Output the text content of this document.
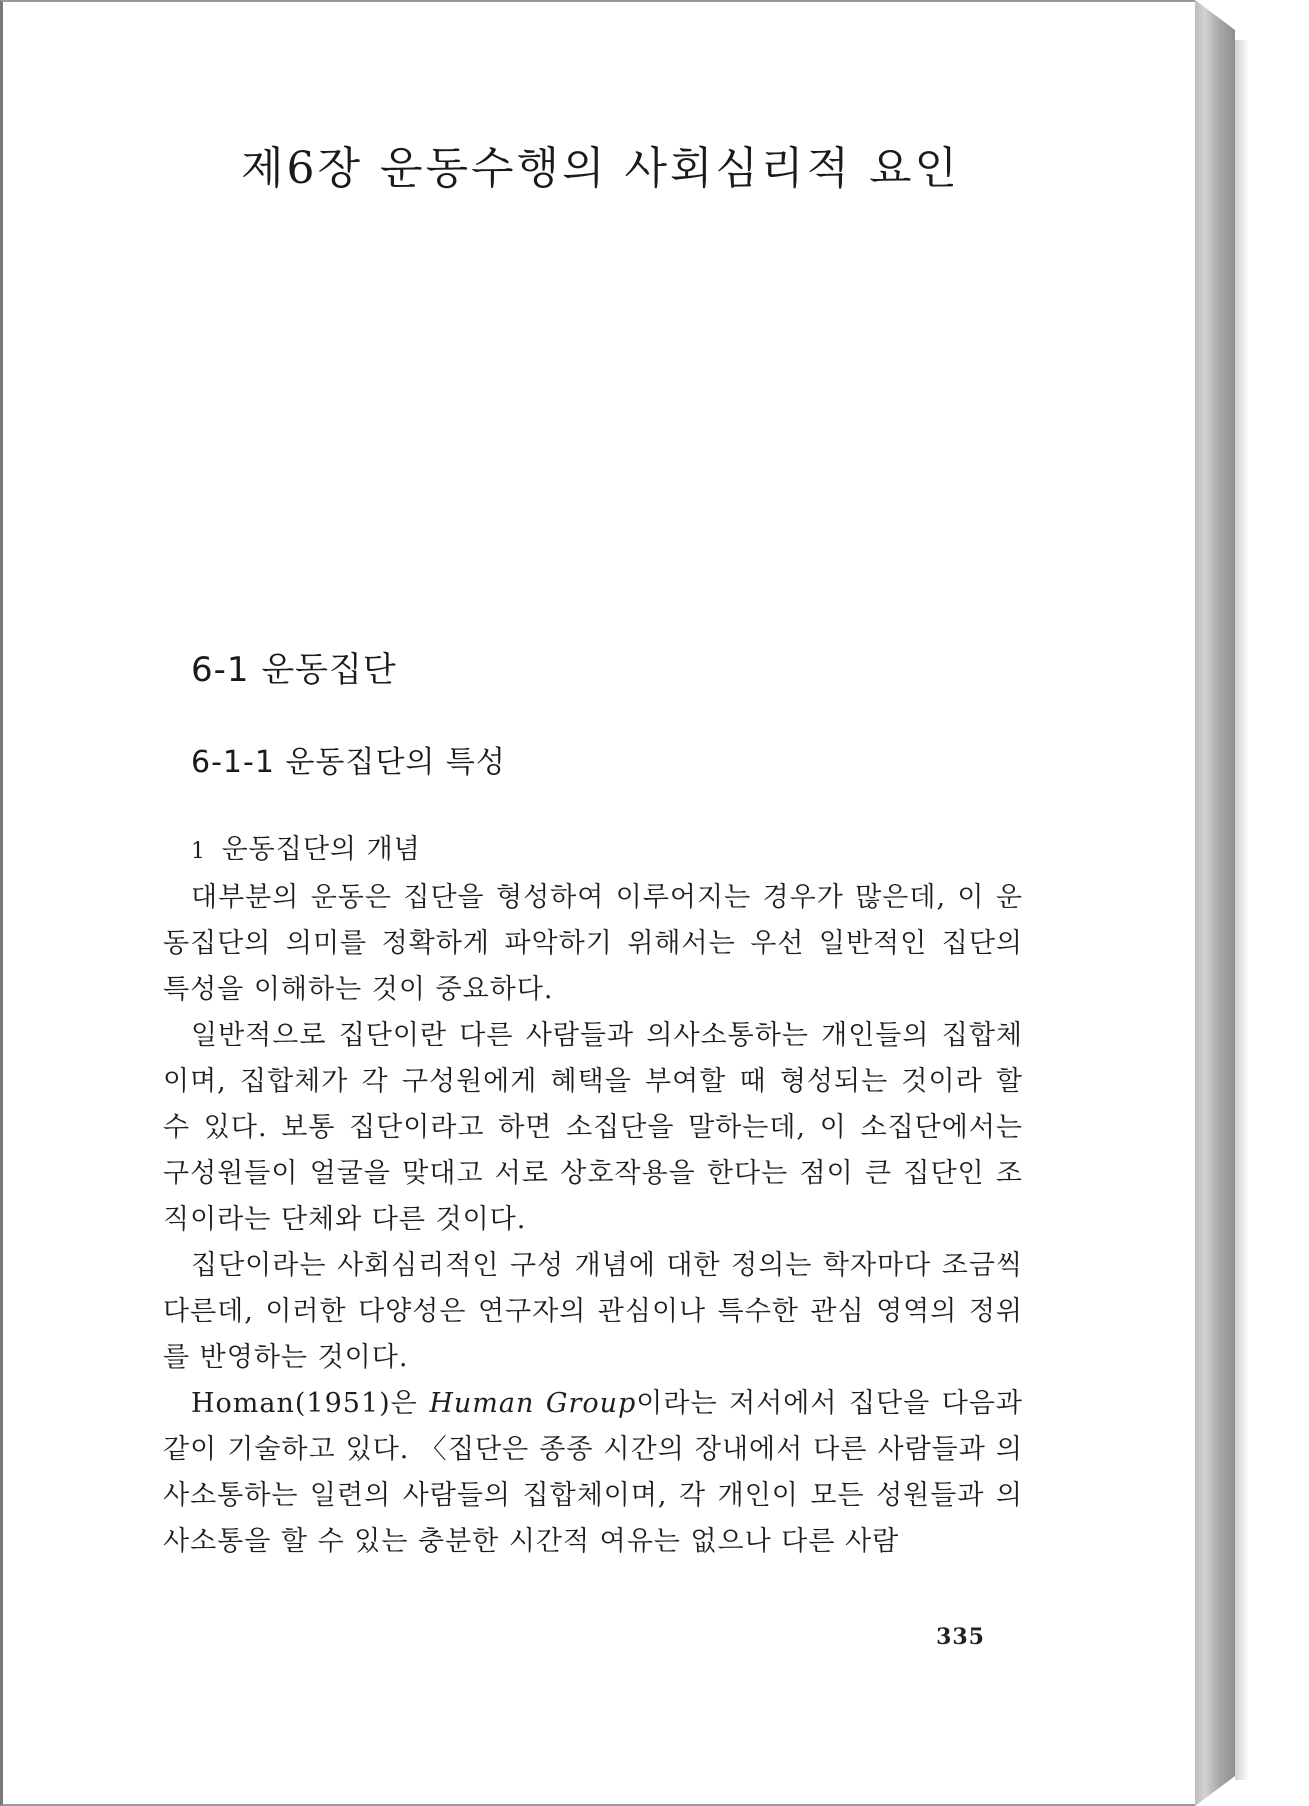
제6장 운동수행의 사회심리적 요인
6-1 운동집단
6-1-1 운동집단의 특성
1 운동집단의 개념

대부분의 운동은 집단을 형성하여 이루어지는 경우가 많은데, 이 운동집단의 의미를 정확하게 파악하기 위해서는 우선 일반적인 집단의 특성을 이해하는 것이 중요하다.

일반적으로 집단이란 다른 사람들과 의사소통하는 개인들의 집합체이며, 집합체가 각 구성원에게 혜택을 부여할 때 형성되는 것이라 할 수 있다. 보통 집단이라고 하면 소집단을 말하는데, 이 소집단에서는 구성원들이 얼굴을 맞대고 서로 상호작용을 한다는 점이 큰 집단인 조직이라는 단체와 다른 것이다.

집단이라는 사회심리적인 구성 개념에 대한 정의는 학자마다 조금씩 다른데, 이러한 다양성은 연구자의 관심이나 특수한 관심 영역의 정위를 반영하는 것이다.

Homan(1951)은 Human Group이라는 저서에서 집단을 다음과 같이 기술하고 있다. 〈집단은 종종 시간의 장내에서 다른 사람들과 의사소통하는 일련의 사람들의 집합체이며, 각 개인이 모든 성원들과 의사소통을 할 수 있는 충분한 시간적 여유는 없으나 다른 사람

335
